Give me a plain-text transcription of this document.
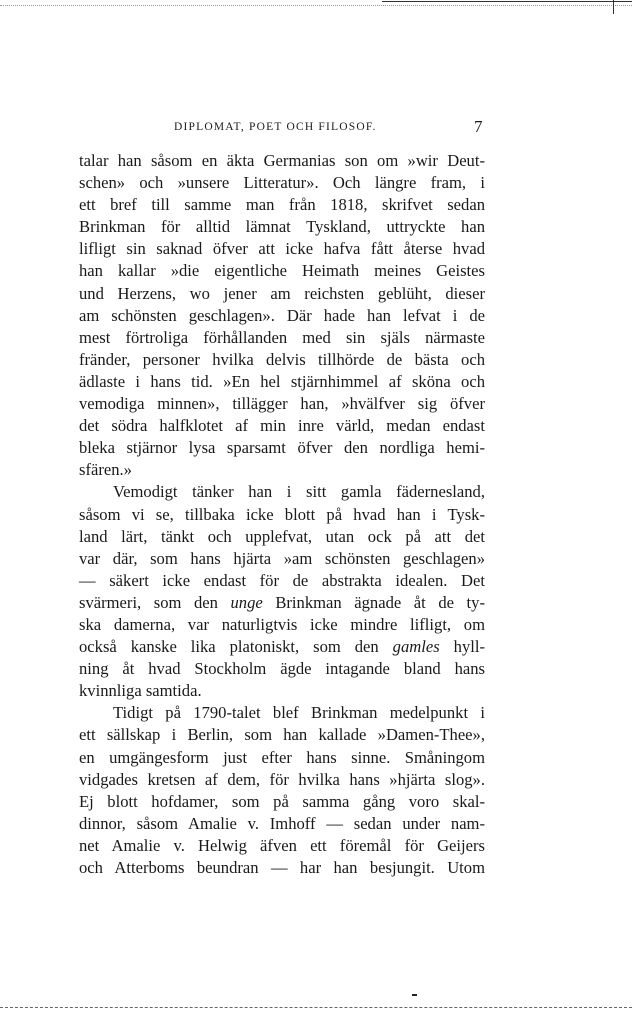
DIPLOMAT, POET OCH FILOSOF.	7
talar han såsom en äkta Germanias son om »wir Deut-
schen» och »unsere Litteratur». Och längre fram, i
ett bref till samme man från 1818, skrifvet sedan
Brinkman för alltid lämnat Tyskland, uttryckte han
lifligt sin saknad öfver att icke hafva fått återse hvad
han kallar »die eigentliche Heimath meines Geistes
und Herzens, wo jener am reichsten geblüht, dieser
am schönsten geschlagen». Där hade han lefvat i de
mest förtroliga förhållanden med sin själs närmaste
fränder, personer hvilka delvis tillhörde de bästa och
ädlaste i hans tid. »En hel stjärnhimmel af sköna och
vemodiga minnen», tillägger han, »hvälfver sig öfver
det södra halfklotet af min inre värld, medan endast
bleka stjärnor lysa sparsamt öfver den nordliga hemi-
sfären.»
Vemodigt tänker han i sitt gamla fädernesland,
såsom vi se, tillbaka icke blott på hvad han i Tysk-
land lärt, tänkt och upplefvat, utan ock på att det
var där, som hans hjärta »am schönsten geschlagen»
— säkert icke endast för de abstrakta idealen. Det
svärmeri, som den unge Brinkman ägnade åt de ty-
ska damerna, var naturligtvis icke mindre lifligt, om
också kanske lika platoniskt, som den gamles hyll-
ning åt hvad Stockholm ägde intagande bland hans
kvinnliga samtida.
Tidigt på 1790-talet blef Brinkman medelpunkt i
ett sällskap i Berlin, som han kallade »Damen-Thee»,
en umgängesform just efter hans sinne. Småningom
vidgades kretsen af dem, för hvilka hans »hjärta slog».
Ej blott hofdamer, som på samma gång voro skal-
dinnor, såsom Amalie v. Imhoff — sedan under nam-
net Amalie v. Helwig äfven ett föremål för Geijers
och Atterboms beundran — har han besjungit. Utom
